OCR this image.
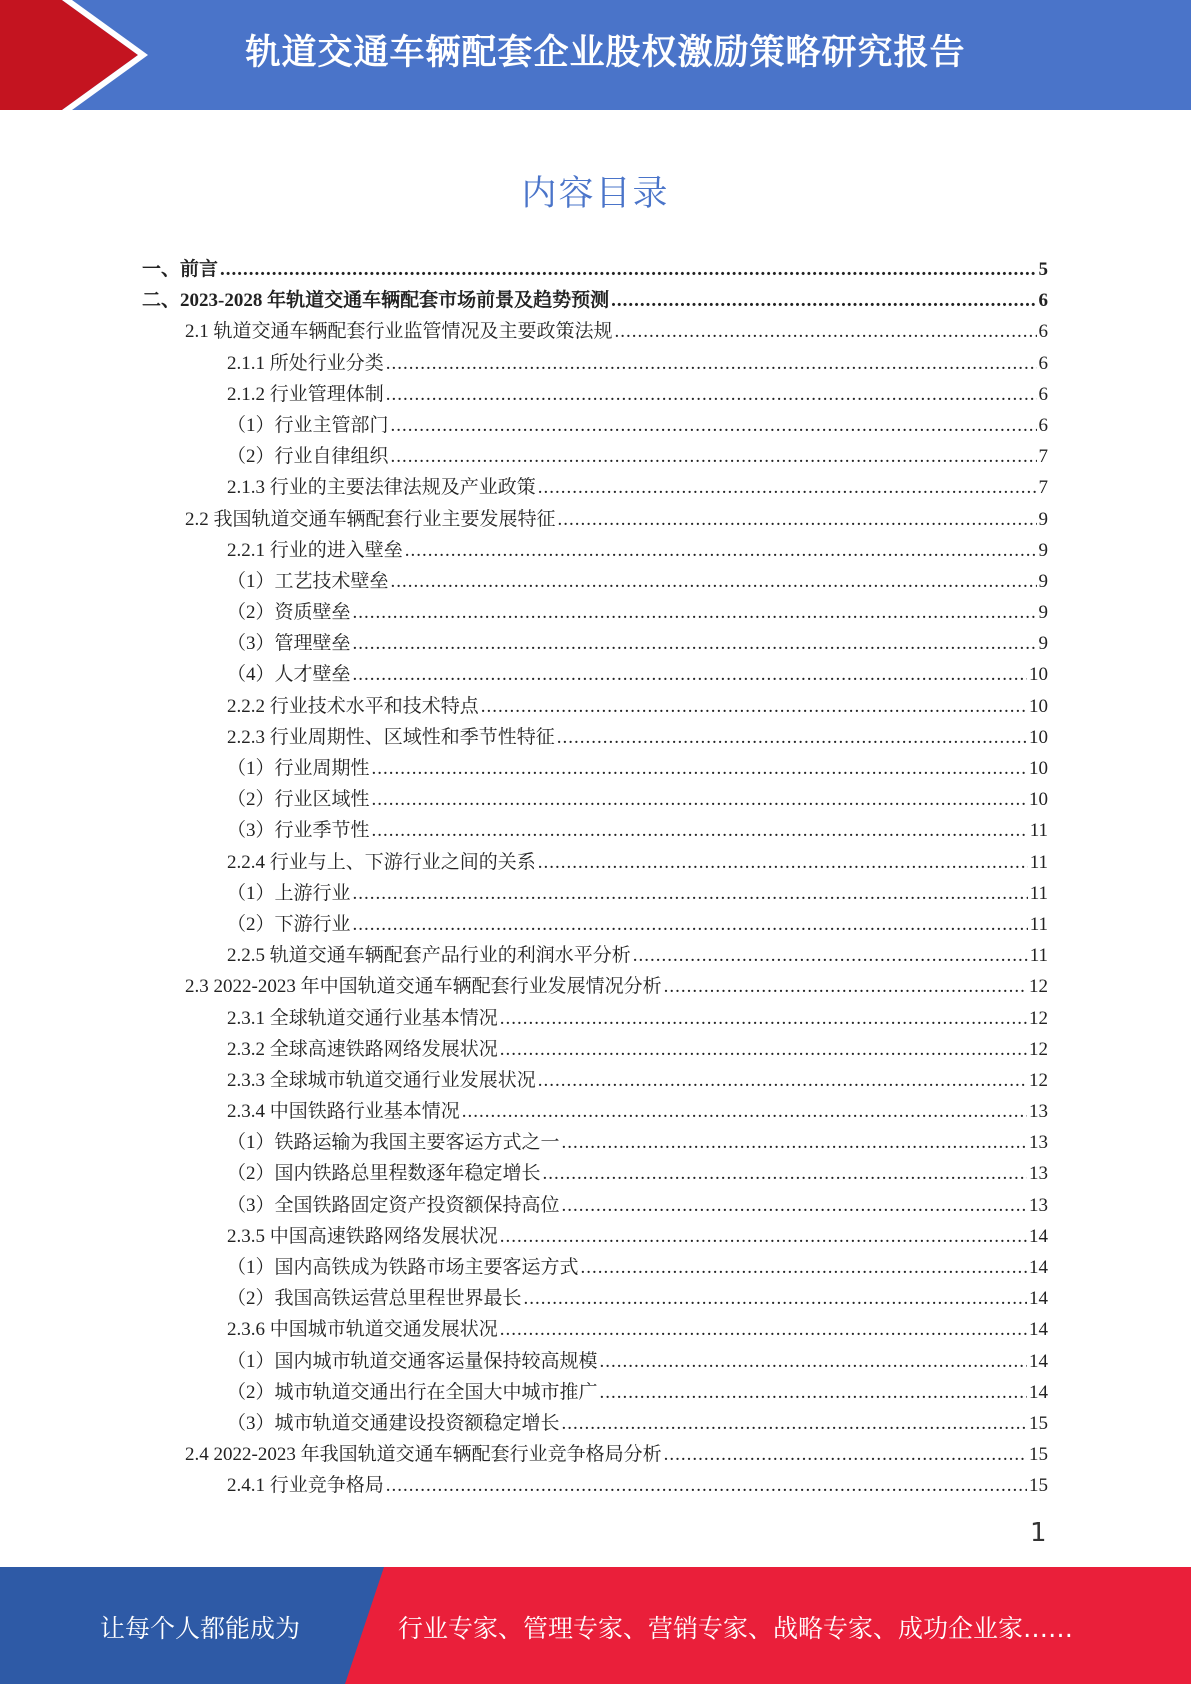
轨道交通车辆配套企业股权激励策略研究报告
内容目录
一、前言 .....	5
二、2023-2028 年轨道交通车辆配套市场前景及趋势预测 .....	6
2.1 轨道交通车辆配套行业监管情况及主要政策法规 .....	6
2.1.1 所处行业分类 .....	6
2.1.2 行业管理体制 .....	6
（1）行业主管部门 .....	6
（2）行业自律组织 .....	7
2.1.3 行业的主要法律法规及产业政策 .....	7
2.2 我国轨道交通车辆配套行业主要发展特征 .....	9
2.2.1 行业的进入壁垒 .....	9
（1）工艺技术壁垒 .....	9
（2）资质壁垒 .....	9
（3）管理壁垒 .....	9
（4）人才壁垒 .....	10
2.2.2 行业技术水平和技术特点 .....	10
2.2.3 行业周期性、区域性和季节性特征 .....	10
（1）行业周期性 .....	10
（2）行业区域性 .....	10
（3）行业季节性 .....	11
2.2.4 行业与上、下游行业之间的关系 .....	11
（1）上游行业 .....	11
（2）下游行业 .....	11
2.2.5 轨道交通车辆配套产品行业的利润水平分析 .....	11
2.3 2022-2023 年中国轨道交通车辆配套行业发展情况分析 .....	12
2.3.1 全球轨道交通行业基本情况 .....	12
2.3.2 全球高速铁路网络发展状况 .....	12
2.3.3 全球城市轨道交通行业发展状况 .....	12
2.3.4 中国铁路行业基本情况 .....	13
（1）铁路运输为我国主要客运方式之一 .....	13
（2）国内铁路总里程数逐年稳定增长 .....	13
（3）全国铁路固定资产投资额保持高位 .....	13
2.3.5 中国高速铁路网络发展状况 .....	14
（1）国内高铁成为铁路市场主要客运方式 .....	14
（2）我国高铁运营总里程世界最长 .....	14
2.3.6 中国城市轨道交通发展状况 .....	14
（1）国内城市轨道交通客运量保持较高规模 .....	14
（2）城市轨道交通出行在全国大中城市推广 .....	14
（3）城市轨道交通建设投资额稳定增长 .....	15
2.4 2022-2023 年我国轨道交通车辆配套行业竞争格局分析 .....	15
2.4.1 行业竞争格局 .....	15
1
让每个人都能成为	行业专家、管理专家、营销专家、战略专家、成功企业家……
